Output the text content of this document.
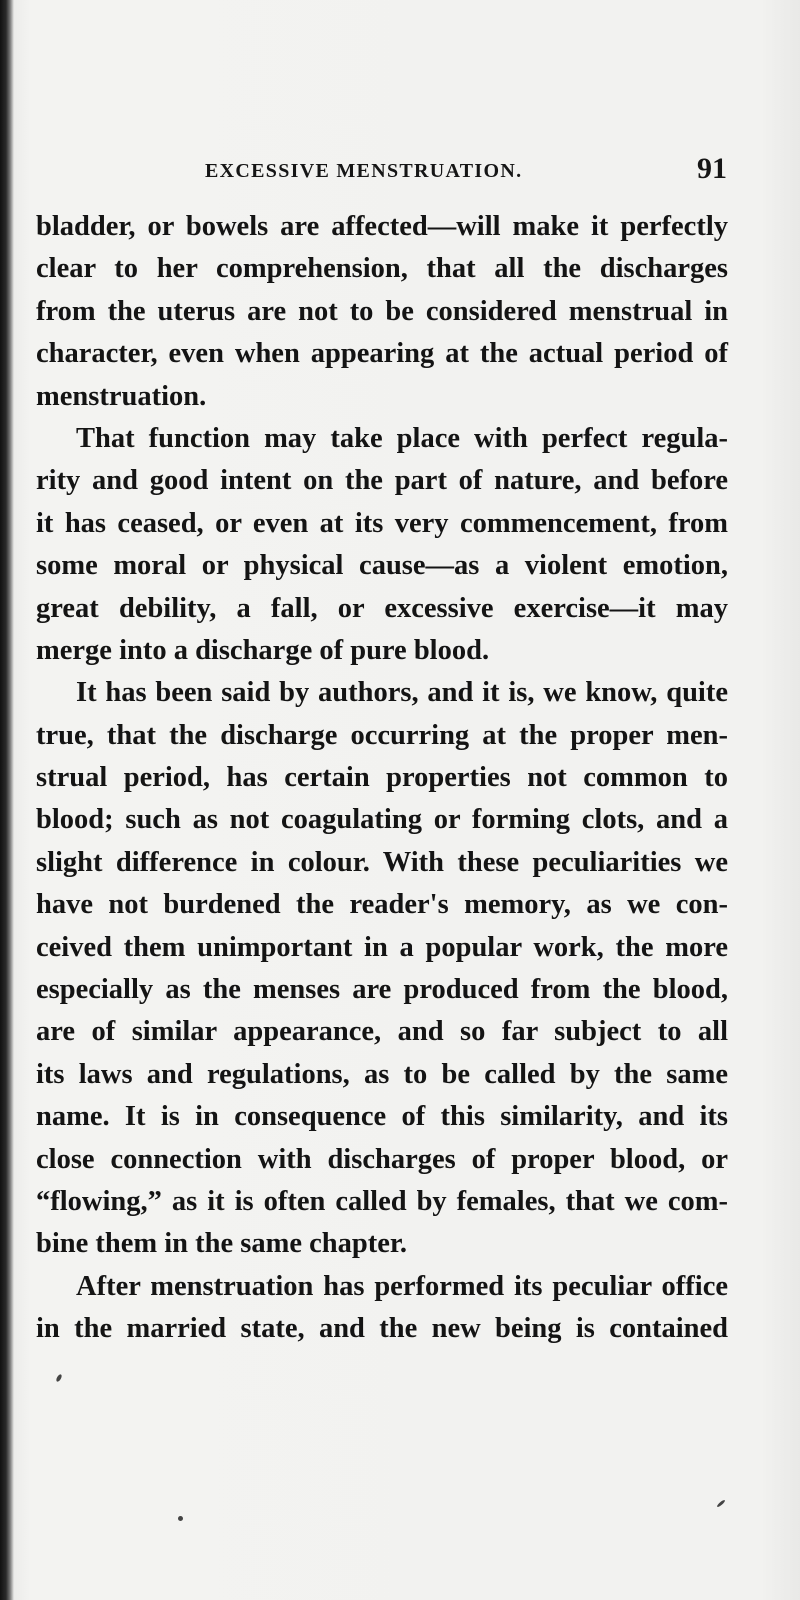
EXCESSIVE MENSTRUATION.	91
bladder, or bowels are affected—will make it perfectly
clear to her comprehension, that all the discharges
from the uterus are not to be considered menstrual in
character, even when appearing at the actual period of
menstruation.
That function may take place with perfect regula-
rity and good intent on the part of nature, and before
it has ceased, or even at its very commencement, from
some moral or physical cause—as a violent emotion,
great debility, a fall, or excessive exercise—it may
merge into a discharge of pure blood.
It has been said by authors, and it is, we know, quite
true, that the discharge occurring at the proper men-
strual period, has certain properties not common to
blood; such as not coagulating or forming clots, and a
slight difference in colour. With these peculiarities we
have not burdened the reader's memory, as we con-
ceived them unimportant in a popular work, the more
especially as the menses are produced from the blood,
are of similar appearance, and so far subject to all
its laws and regulations, as to be called by the same
name. It is in consequence of this similarity, and its
close connection with discharges of proper blood, or
“flowing,” as it is often called by females, that we com-
bine them in the same chapter.
After menstruation has performed its peculiar office
in the married state, and the new being is contained
